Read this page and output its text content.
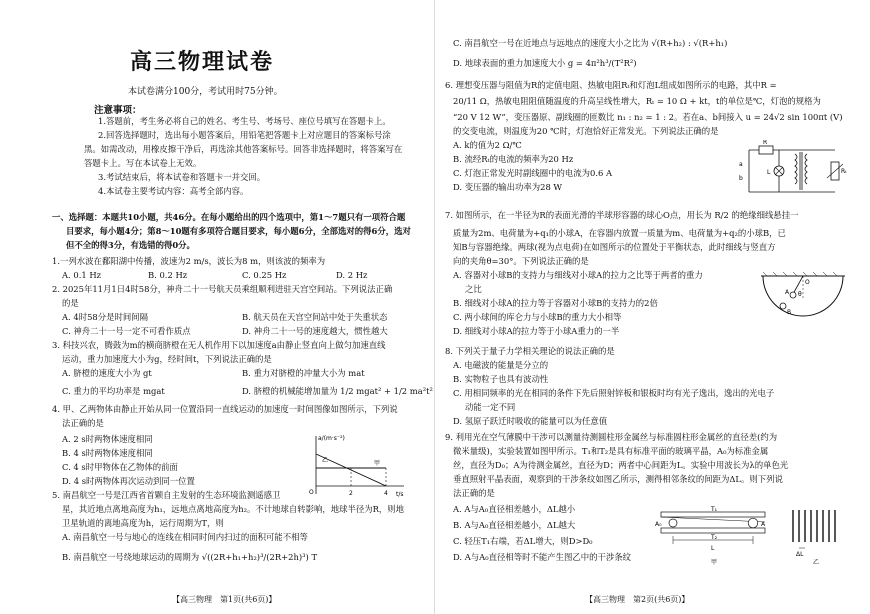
高三物理试卷
本试卷满分100分，考试用时75分钟。
注意事项：
1.答题前，考生务必将自己的姓名、考生号、考场号、座位号填写在答题卡上。
2.回答选择题时，选出每小题答案后，用铅笔把答题卡上对应题目的答案标号涂
黑。如需改动，用橡皮擦干净后，再选涂其他答案标号。回答非选择题时，将答案写在
答题卡上。写在本试卷上无效。
3.考试结束后，将本试卷和答题卡一并交回。
4.本试卷主要考试内容：高考全部内容。
一、选择题：本题共10小题，共46分。在每小题给出的四个选项中，第1～7题只有一项符合题
目要求，每小题4分；第8～10题有多项符合题目要求，每小题6分，全部选对的得6分，选对
但不全的得3分，有选错的得0分。
1.一列水波在鄱阳湖中传播，波速为2 m/s，波长为8 m，则该波的频率为
A. 0.1 Hz	B. 0.2 Hz	C. 0.25 Hz	D. 2 Hz
2. 2025年11月1日4时58分，神舟二十一号航天员乘组顺利进驻天宫空间站。下列说法正确
的是
A. 4时58分是时间间隔	B. 航天员在天宫空间站中处于失重状态
C. 神舟二十一号一定不可看作质点	D. 神舟二十一号的速度越大，惯性越大
3. 科技兴农，腾鼓为m的横商脐橙在无人机作用下以加速度a由静止竖直向上做匀加速直线
运动，重力加速度大小为g，经时间t，下列说法正确的是
A. 脐橙的速度大小为 gt	B. 重力对脐橙的冲量大小为 mat
C. 重力的平均功率是 mgat	D. 脐橙的机械能增加量为 1/2 mgat² + 1/2 ma²t²
4. 甲、乙两物体由静止开始从同一位置沿同一直线运动的加速度一时间图像如图所示，下列说
法正确的是
A. 2 s时两物体速度相同
B. 4 s时两物体速度相同
C. 4 s时甲物体在乙物体的前面
D. 4 s时两物体再次运动到同一位置
a/(m·s⁻²)
t/s
O	2	4
甲
乙
5. 南昌航空一号是江西省首颗自主发射的生态环境监测遥感卫
星，其近地点离地高度为h₁，远地点离地高度为h₂。不计地球自转影响，地球半径为R，则地
卫星轨道的离地高度为h，运行周期为T，则
A. 南昌航空一号与地心的连线在相同时间内扫过的面积可能不相等
B. 南昌航空一号绕地球运动的周期为 √((2R+h₁+h₂)³/(2R+2h)³) T
【高三物理　第1页(共6页)】
C. 南昌航空一号在近地点与远地点的速度大小之比为 √(R+h₂) : √(R+h₁)
D. 地球表面的重力加速度大小 g = 4π²h³/(T²R²)
6. 理想变压器与阻值为R的定值电阻、热敏电阻Rₜ和灯泡L组成如图所示的电路，其中R =
20/11 Ω，热敏电阻阻值随温度的升高呈线性增大，Rₜ = 10 Ω + kt，t的单位是℃，灯泡的规格为
“20 V 12 W”，变压器原、副线圈的匝数比 n₁ : n₂ = 1 : 2。若在a、b间接入 u = 24√2 sin 100πt (V)
的交变电流，则温度为20 ℃时，灯泡恰好正常发光。下列说法正确的是
A. k的值为2 Ω/℃
B. 流经Rₜ的电流的频率为20 Hz
C. 灯泡正常发光时副线圈中的电流为0.6 A
D. 变压器的输出功率为28 W
R
a
b
L	Rₜ
7. 如图所示，在一半径为R的表面光滑的半球形容器的球心O点，用长为 R/2 的绝缘细线悬挂一
质量为2m、电荷量为+q₁的小球A，在容器内放置一质量为m、电荷量为+q₂的小球B，已
知B与容器绝缘。两球(视为点电荷)在如图所示的位置处于平衡状态，此时细线与竖直方
向的夹角θ=30°。下列说法正确的是
A. 容器对小球B的支持力与细线对小球A的拉力之比等于两者的重力
之比
B. 细线对小球A的拉力等于容器对小球B的支持力的2倍
C. 两小球间的库仑力与小球B的重力大小相等
D. 细线对小球A的拉力等于小球A重力的一半
O
θ
A
B
8. 下列关于量子力学相关理论的说法正确的是
A. 电磁波的能量是分立的
B. 实物粒子也具有波动性
C. 用相同频率的光在相同的条件下先后照射锌板和银板时均有光子逸出，逸出的光电子
动能一定不同
D. 氢原子跃迁时吸收的能量可以为任意值
9. 利用光在空气薄膜中干涉可以测量待测圆柱形金属丝与标准圆柱形金属丝的直径差(约为
微米量级)，实验装置如图甲所示。T₁和T₂是具有标准平面的玻璃平晶，A₀为标准金属
丝，直径为D₀；A为待测金属丝，直径为D；两者中心间距为L。实验中用波长为λ的单色光
垂直照射平晶表面，观察到的干涉条纹如图乙所示，测得相邻条纹的间距为ΔL。则下列说
法正确的是
A. A与A₀直径相差越小，ΔL越小
B. A与A₀直径相差越小，ΔL越大
C. 轻压T₁右端，若ΔL增大，则D>D₀
D. A与A₀直径相等时不能产生图乙中的干涉条纹
T₁
T₂
A₀	A
L
甲
ΔL
乙
【高三物理　第2页(共6页)】
